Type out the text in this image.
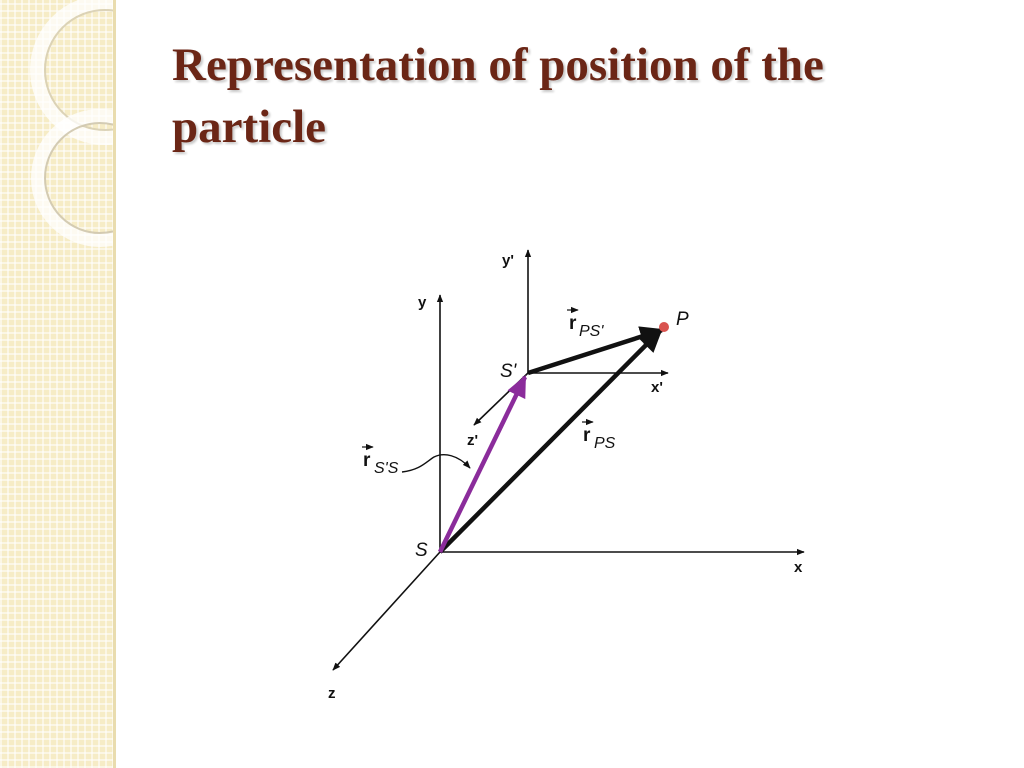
Representation of position of the particle
x
y
z
x'
y'
z'
S
S'
P
r PS'
r PS
r S'S
